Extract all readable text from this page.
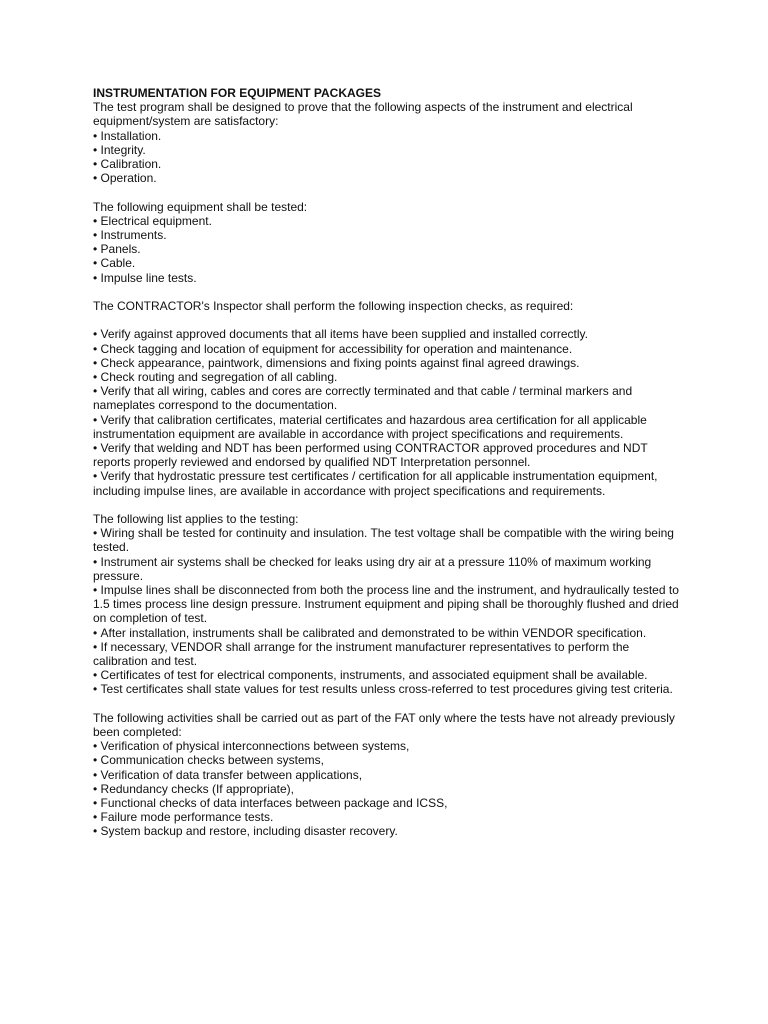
INSTRUMENTATION FOR EQUIPMENT PACKAGES

The test program shall be designed to prove that the following aspects of the instrument and electrical equipment/system are satisfactory:

• Installation.
• Integrity.
• Calibration.
• Operation.

The following equipment shall be tested:

• Electrical equipment.
• Instruments.
• Panels.
• Cable.
• Impulse line tests.

The CONTRACTOR's Inspector shall perform the following inspection checks, as required:

• Verify against approved documents that all items have been supplied and installed correctly.
• Check tagging and location of equipment for accessibility for operation and maintenance.
• Check appearance, paintwork, dimensions and fixing points against final agreed drawings.
• Check routing and segregation of all cabling.
• Verify that all wiring, cables and cores are correctly terminated and that cable / terminal markers and nameplates correspond to the documentation.
• Verify that calibration certificates, material certificates and hazardous area certification for all applicable instrumentation equipment are available in accordance with project specifications and requirements.
• Verify that welding and NDT has been performed using CONTRACTOR approved procedures and NDT reports properly reviewed and endorsed by qualified NDT Interpretation personnel.
• Verify that hydrostatic pressure test certificates / certification for all applicable instrumentation equipment, including impulse lines, are available in accordance with project specifications and requirements.

The following list applies to the testing:

• Wiring shall be tested for continuity and insulation. The test voltage shall be compatible with the wiring being tested.
• Instrument air systems shall be checked for leaks using dry air at a pressure 110% of maximum working pressure.
• Impulse lines shall be disconnected from both the process line and the instrument, and hydraulically tested to 1.5 times process line design pressure. Instrument equipment and piping shall be thoroughly flushed and dried on completion of test.
• After installation, instruments shall be calibrated and demonstrated to be within VENDOR specification.
• If necessary, VENDOR shall arrange for the instrument manufacturer representatives to perform the calibration and test.
• Certificates of test for electrical components, instruments, and associated equipment shall be available.
• Test certificates shall state values for test results unless cross-referred to test procedures giving test criteria.

The following activities shall be carried out as part of the FAT only where the tests have not already previously been completed:

• Verification of physical interconnections between systems,
• Communication checks between systems,
• Verification of data transfer between applications,
• Redundancy checks (If appropriate),
• Functional checks of data interfaces between package and ICSS,
• Failure mode performance tests.
• System backup and restore, including disaster recovery.
